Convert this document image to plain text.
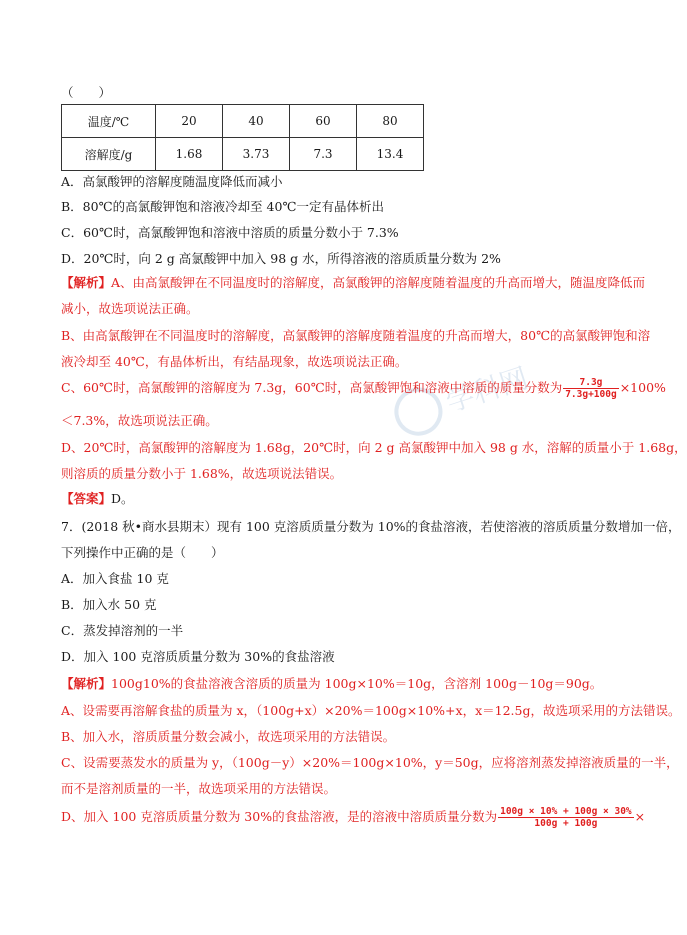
（　　）
温度/℃	20	40	60	80
溶解度/g	1.68	3.73	7.3	13.4
A．高氯酸钾的溶解度随温度降低而减小
B．80℃的高氯酸钾饱和溶液冷却至 40℃一定有晶体析出
C．60℃时，高氯酸钾饱和溶液中溶质的质量分数小于 7.3%
D．20℃时，向 2 g 高氯酸钾中加入 98 g 水，所得溶液的溶质质量分数为 2%
学科网
【解析】A、由高氯酸钾在不同温度时的溶解度，高氯酸钾的溶解度随着温度的升高而增大，随温度降低而
减小，故选项说法正确。
B、由高氯酸钾在不同温度时的溶解度，高氯酸钾的溶解度随着温度的升高而增大，80℃的高氯酸钾饱和溶
液冷却至 40℃，有晶体析出，有结晶现象，故选项说法正确。
C、60℃时，高氯酸钾的溶解度为 7.3g，60℃时，高氯酸钾饱和溶液中溶质的质量分数为 $\frac{7.3g}{7.3g+100g} \times 100\%$
＜7.3%，故选项说法正确。
D、20℃时，高氯酸钾的溶解度为 1.68g，20℃时，向 2 g 高氯酸钾中加入 98 g 水，溶解的质量小于 1.68g，
则溶质的质量分数小于 1.68%，故选项说法错误。
【答案】D。
7．(2018 秋•商水县期末）现有 100 克溶质质量分数为 10%的食盐溶液，若使溶液的溶质质量分数增加一倍，
下列操作中正确的是（　　）
A．加入食盐 10 克
B．加入水 50 克
C．蒸发掉溶剂的一半
D．加入 100 克溶质质量分数为 30%的食盐溶液
【解析】100g10%的食盐溶液含溶质的质量为 100g×10%＝10g，含溶剂 100g－10g＝90g。
A、设需要再溶解食盐的质量为 x，（100g+x）×20%＝100g×10%+x，x＝12.5g，故选项采用的方法错误。
B、加入水，溶质质量分数会减小，故选项采用的方法错误。
C、设需要蒸发水的质量为 y，（100g－y）×20%＝100g×10%，y＝50g，应将溶剂蒸发掉溶液质量的一半，
而不是溶剂质量的一半，故选项采用的方法错误。
D、加入 100 克溶质质量分数为 30%的食盐溶液，是的溶液中溶质质量分数为 $\frac{100g \times 10\% + 100g \times 30\%}{100g + 100g}$ ×
